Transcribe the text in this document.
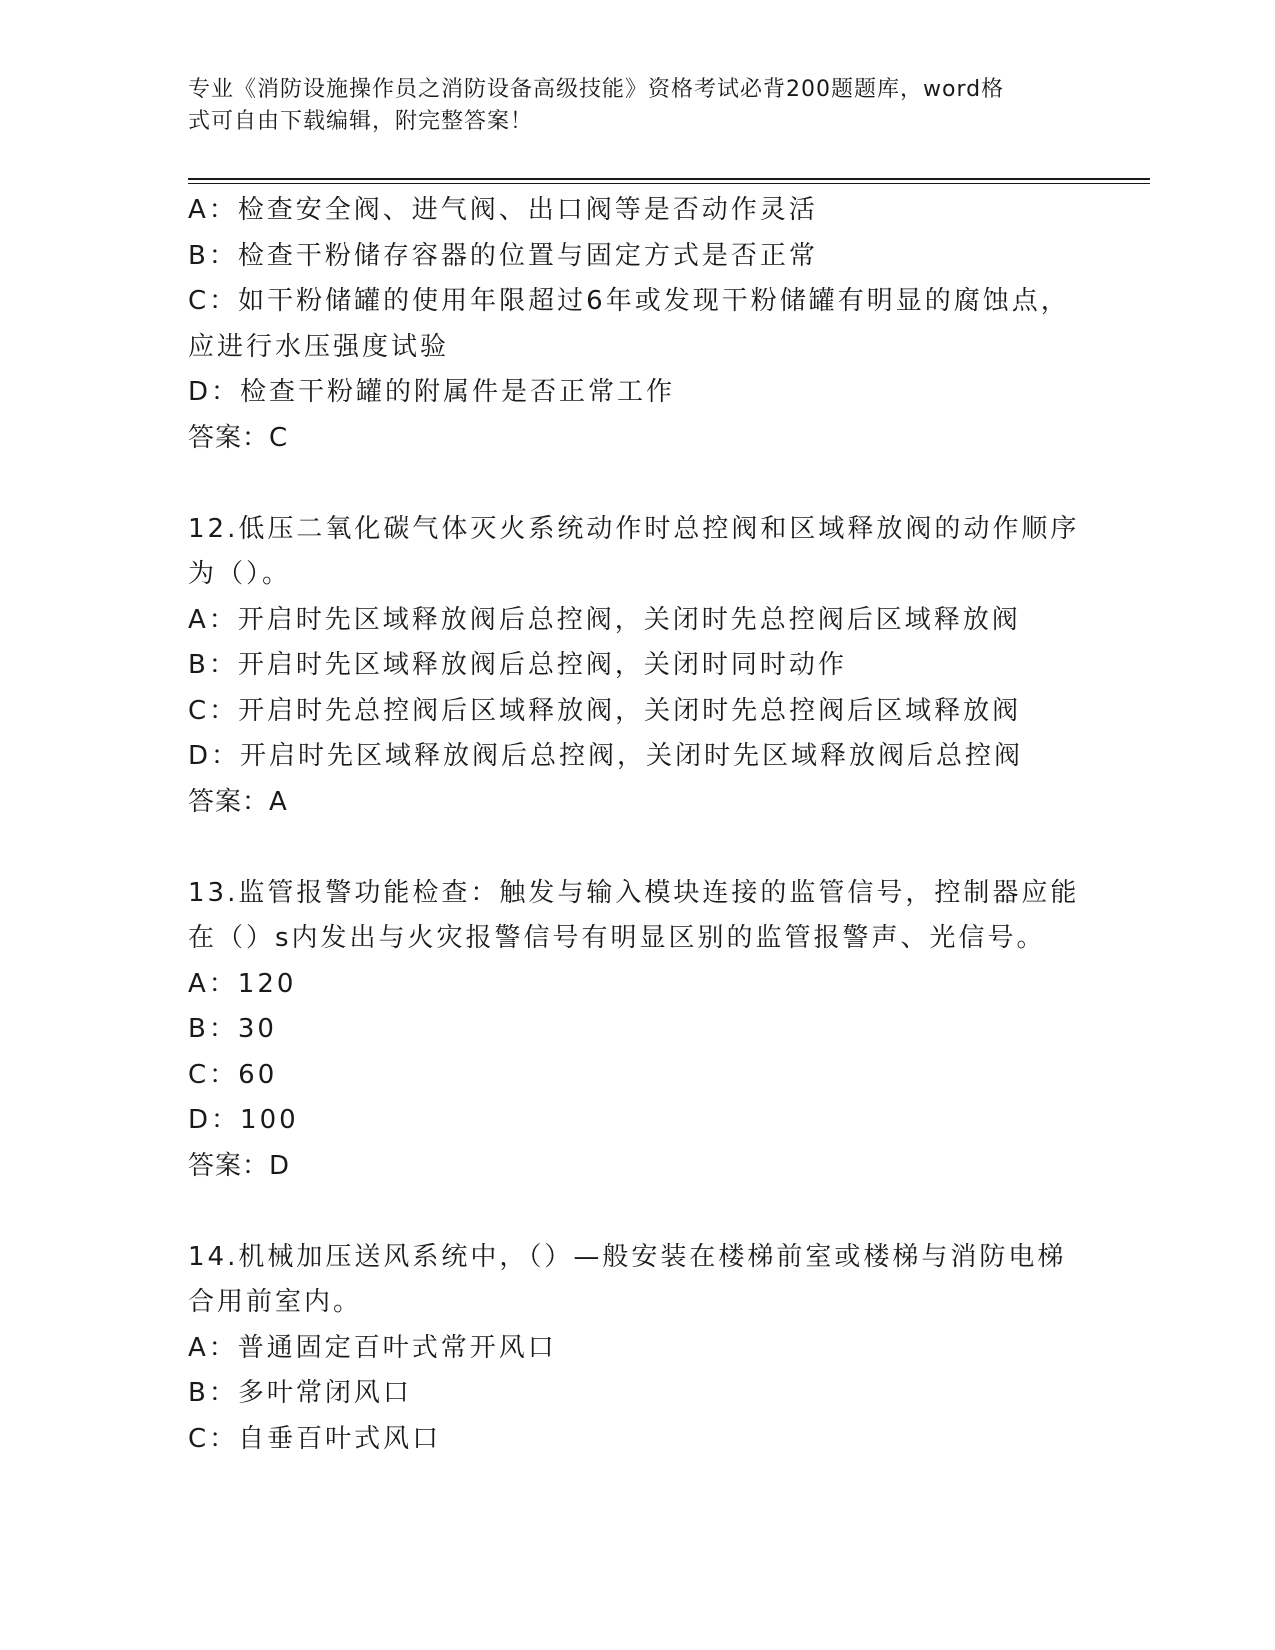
专业《消防设施操作员之消防设备高级技能》资格考试必背200题题库，word格
式可自由下载编辑，附完整答案！
A：检查安全阀、进气阀、出口阀等是否动作灵活
B：检查干粉储存容器的位置与固定方式是否正常
C：如干粉储罐的使用年限超过6年或发现干粉储罐有明显的腐蚀点，
应进行水压强度试验
D：检查干粉罐的附属件是否正常工作
答案：C
12.低压二氧化碳气体灭火系统动作时总控阀和区域释放阀的动作顺序
为（）。
A：开启时先区域释放阀后总控阀，关闭时先总控阀后区域释放阀
B：开启时先区域释放阀后总控阀，关闭时同时动作
C：开启时先总控阀后区域释放阀，关闭时先总控阀后区域释放阀
D：开启时先区域释放阀后总控阀，关闭时先区域释放阀后总控阀
答案：A
13.监管报警功能检查：触发与输入模块连接的监管信号，控制器应能
在（）s内发出与火灾报警信号有明显区别的监管报警声、光信号。
A：120
B：30
C：60
D：100
答案：D
14.机械加压送风系统中，（）—般安装在楼梯前室或楼梯与消防电梯
合用前室内。
A：普通固定百叶式常开风口
B：多叶常闭风口
C：自垂百叶式风口
